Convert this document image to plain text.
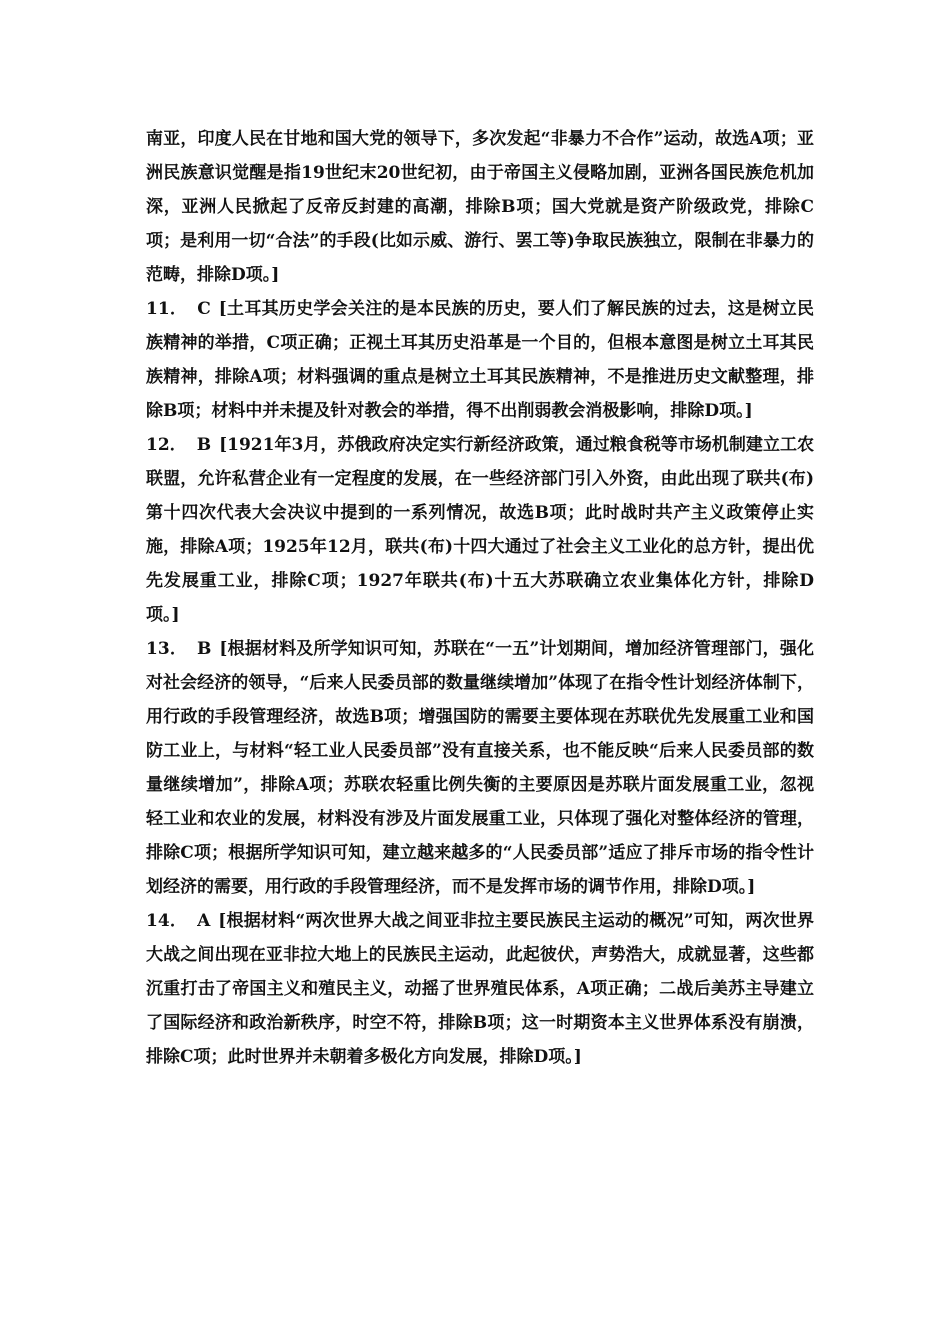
南亚，印度人民在甘地和国大党的领导下，多次发起“非暴力不合作”运动，故选A项；亚洲民族意识觉醒是指19世纪末20世纪初，由于帝国主义侵略加剧，亚洲各国民族危机加深，亚洲人民掀起了反帝反封建的高潮，排除B项；国大党就是资产阶级政党，排除C项；是利用一切“合法”的手段(比如示威、游行、罢工等)争取民族独立，限制在非暴力的范畴，排除D项。]

11． C [土耳其历史学会关注的是本民族的历史，要人们了解民族的过去，这是树立民族精神的举措，C项正确；正视土耳其历史沿革是一个目的，但根本意图是树立土耳其民族精神，排除A项；材料强调的重点是树立土耳其民族精神，不是推进历史文献整理，排除B项；材料中并未提及针对教会的举措，得不出削弱教会消极影响，排除D项。]

12． B [1921年3月，苏俄政府决定实行新经济政策，通过粮食税等市场机制建立工农联盟，允许私营企业有一定程度的发展，在一些经济部门引入外资，由此出现了联共(布)第十四次代表大会决议中提到的一系列情况，故选B项；此时战时共产主义政策停止实施，排除A项；1925年12月，联共(布)十四大通过了社会主义工业化的总方针，提出优先发展重工业，排除C项；1927年联共(布)十五大苏联确立农业集体化方针，排除D项。]

13． B [根据材料及所学知识可知，苏联在“一五”计划期间，增加经济管理部门，强化对社会经济的领导，“后来人民委员部的数量继续增加”体现了在指令性计划经济体制下，用行政的手段管理经济，故选B项；增强国防的需要主要体现在苏联优先发展重工业和国防工业上，与材料“轻工业人民委员部”没有直接关系，也不能反映“后来人民委员部的数量继续增加”，排除A项；苏联农轻重比例失衡的主要原因是苏联片面发展重工业，忽视轻工业和农业的发展，材料没有涉及片面发展重工业，只体现了强化对整体经济的管理，排除C项；根据所学知识可知，建立越来越多的“人民委员部”适应了排斥市场的指令性计划经济的需要，用行政的手段管理经济，而不是发挥市场的调节作用，排除D项。]

14． A [根据材料“两次世界大战之间亚非拉主要民族民主运动的概况”可知，两次世界大战之间出现在亚非拉大地上的民族民主运动，此起彼伏，声势浩大，成就显著，这些都沉重打击了帝国主义和殖民主义，动摇了世界殖民体系，A项正确；二战后美苏主导建立了国际经济和政治新秩序，时空不符，排除B项；这一时期资本主义世界体系没有崩溃，排除C项；此时世界并未朝着多极化方向发展，排除D项。]
